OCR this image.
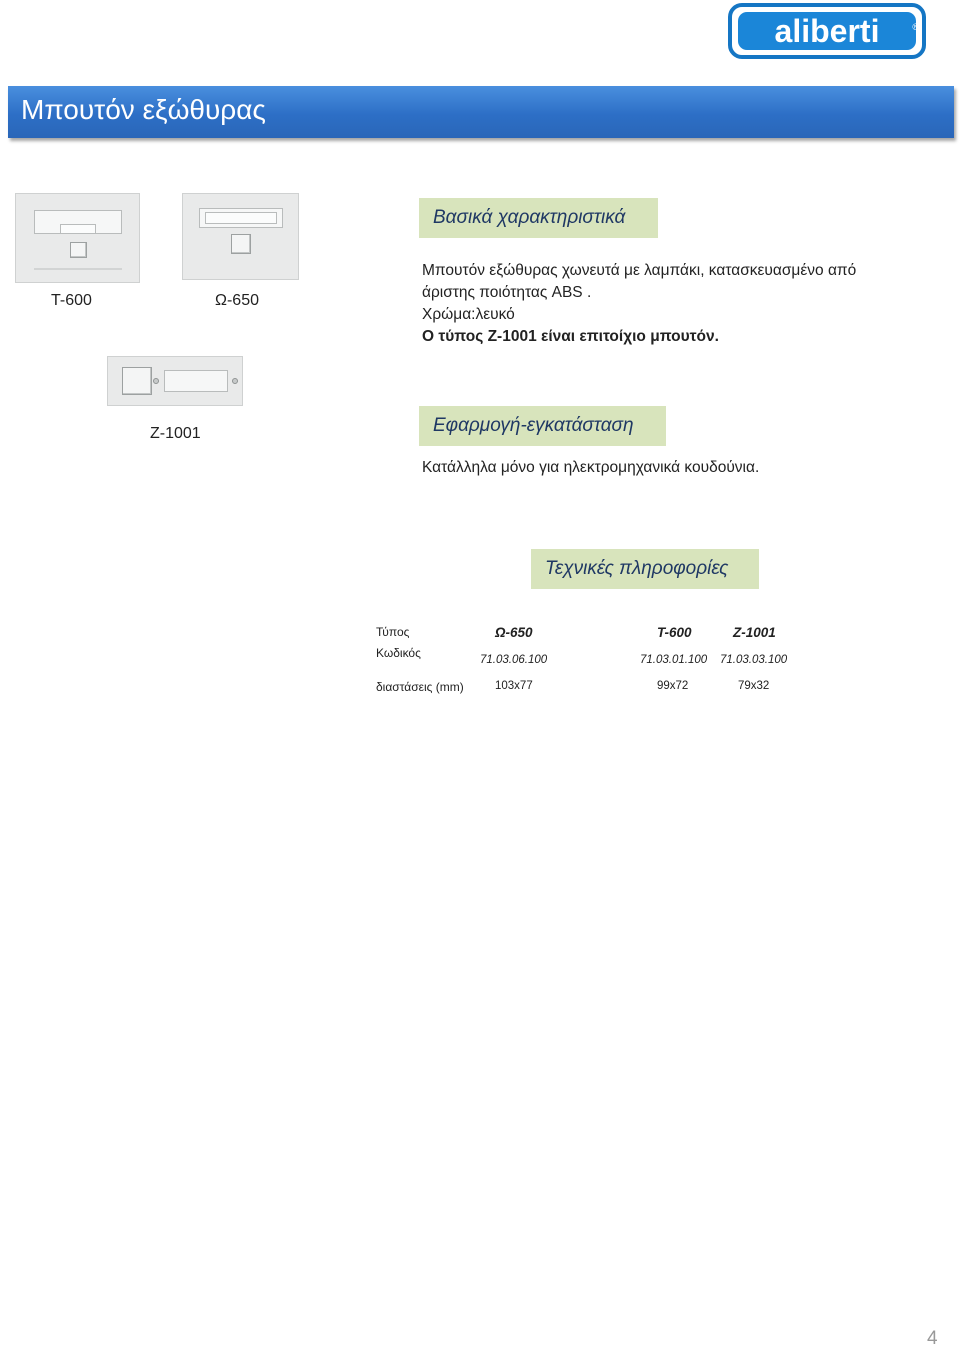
aliberti	®
Μπουτόν εξώθυρας
T-600	Ω-650
Z-1001
Βασικά χαρακτηριστικά
Μπουτόν εξώθυρας χωνευτά με λαμπάκι, κατασκευασμένο από
άριστης ποιότητας ABS .
Χρώμα:λευκό
Ο τύπος Z-1001 είναι επιτοίχιο μπουτόν.
Εφαρμογή-εγκατάσταση
Κατάλληλα μόνο για ηλεκτρομηχανικά κουδούνια.
Τεχνικές πληροφορίες
Τύπος
Κωδικός
διαστάσεις (mm)
Ω-650
71.03.06.100
103x77
T-600
71.03.01.100
99x72
Z-1001
71.03.03.100
79x32
4
